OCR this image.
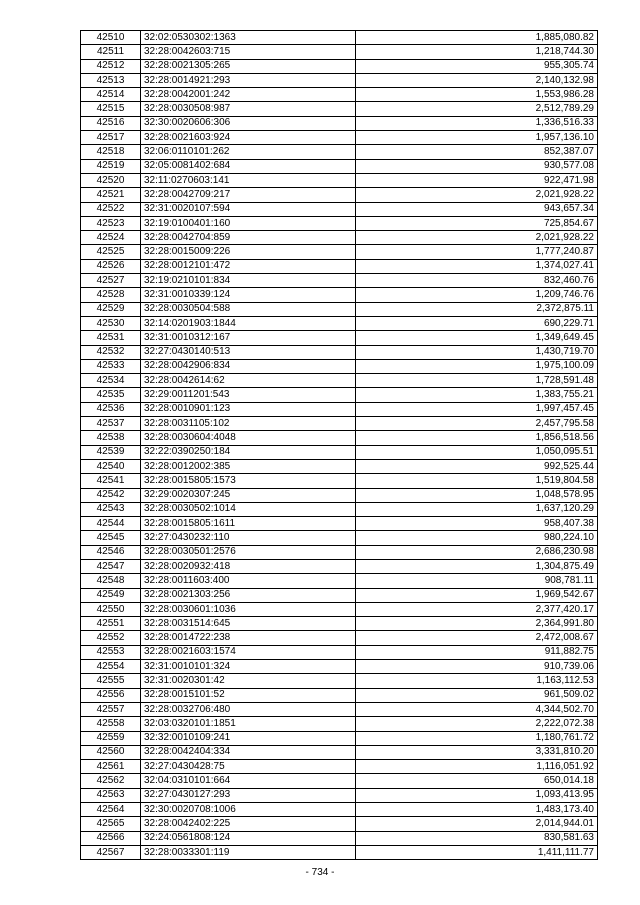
42510	32:02:0530302:1363	1,885,080.82
42511	32:28:0042603:715	1,218,744.30
42512	32:28:0021305:265	955,305.74
42513	32:28:0014921:293	2,140,132.98
42514	32:28:0042001:242	1,553,986.28
42515	32:28:0030508:987	2,512,789.29
42516	32:30:0020606:306	1,336,516.33
42517	32:28:0021603:924	1,957,136.10
42518	32:06:0110101:262	852,387.07
42519	32:05:0081402:684	930,577.08
42520	32:11:0270603:141	922,471.98
42521	32:28:0042709:217	2,021,928.22
42522	32:31:0020107:594	943,657.34
42523	32:19:0100401:160	725,854.67
42524	32:28:0042704:859	2,021,928.22
42525	32:28:0015009:226	1,777,240.87
42526	32:28:0012101:472	1,374,027.41
42527	32:19:0210101:834	832,460.76
42528	32:31:0010339:124	1,209,746.76
42529	32:28:0030504:588	2,372,875.11
42530	32:14:0201903:1844	690,229.71
42531	32:31:0010312:167	1,349,649.45
42532	32:27:0430140:513	1,430,719.70
42533	32:28:0042906:834	1,975,100.09
42534	32:28:0042614:62	1,728,591.48
42535	32:29:0011201:543	1,383,755.21
42536	32:28:0010901:123	1,997,457.45
42537	32:28:0031105:102	2,457,795.58
42538	32:28:0030604:4048	1,856,518.56
42539	32:22:0390250:184	1,050,095.51
42540	32:28:0012002:385	992,525.44
42541	32:28:0015805:1573	1,519,804.58
42542	32:29:0020307:245	1,048,578.95
42543	32:28:0030502:1014	1,637,120.29
42544	32:28:0015805:1611	958,407.38
42545	32:27:0430232:110	980,224.10
42546	32:28:0030501:2576	2,686,230.98
42547	32:28:0020932:418	1,304,875.49
42548	32:28:0011603:400	908,781.11
42549	32:28:0021303:256	1,969,542.67
42550	32:28:0030601:1036	2,377,420.17
42551	32:28:0031514:645	2,364,991.80
42552	32:28:0014722:238	2,472,008.67
42553	32:28:0021603:1574	911,882.75
42554	32:31:0010101:324	910,739.06
42555	32:31:0020301:42	1,163,112.53
42556	32:28:0015101:52	961,509.02
42557	32:28:0032706:480	4,344,502.70
42558	32:03:0320101:1851	2,222,072.38
42559	32:32:0010109:241	1,180,761.72
42560	32:28:0042404:334	3,331,810.20
42561	32:27:0430428:75	1,116,051.92
42562	32:04:0310101:664	650,014.18
42563	32:27:0430127:293	1,093,413.95
42564	32:30:0020708:1006	1,483,173.40
42565	32:28:0042402:225	2,014,944.01
42566	32:24:0561808:124	830,581.63
42567	32:28:0033301:119	1,411,111.77
- 734 -
